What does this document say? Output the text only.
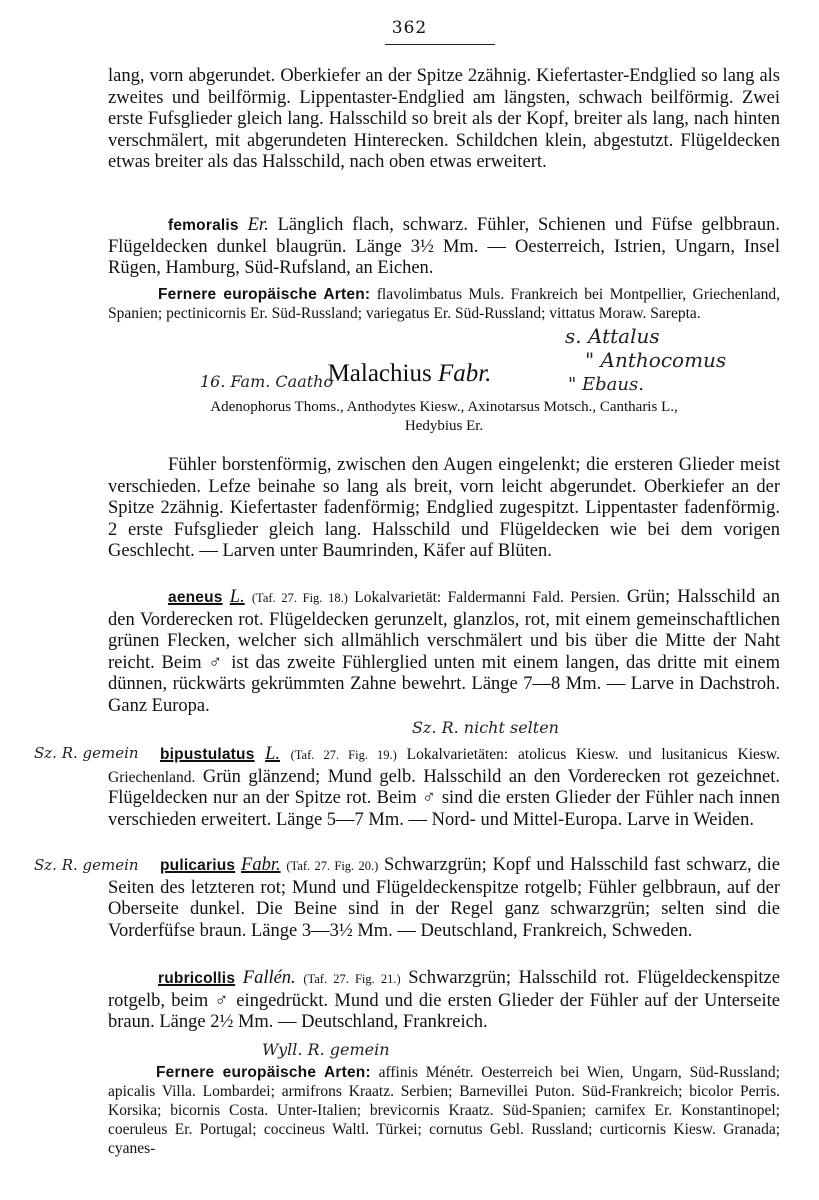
362
lang, vorn abgerundet. Oberkiefer an der Spitze 2zähnig. Kiefertaster-Endglied so lang als zweites und beilförmig. Lippentaster-Endglied am längsten, schwach beilförmig. Zwei erste Fufsglieder gleich lang. Halsschild so breit als der Kopf, breiter als lang, nach hinten verschmälert, mit abgerundeten Hinterecken. Schildchen klein, abgestutzt. Flügeldecken etwas breiter als das Halsschild, nach oben etwas erweitert.
femoralis Er. Länglich flach, schwarz. Fühler, Schienen und Füfse gelbbraun. Flügeldecken dunkel blaugrün. Länge 3½ Mm. — Oesterreich, Istrien, Ungarn, Insel Rügen, Hamburg, Süd-Rufsland, an Eichen.
Fernere europäische Arten: flavolimbatus Muls. Frankreich bei Montpellier, Griechenland, Spanien; pectinicornis Er. Süd-Russland; variegatus Er. Süd-Russland; vittatus Moraw. Sarepta.
16. Fam. Caatho
s. Attalus
" Anthocomus
" Ebaus.
Malachius Fabr.
Adenophorus Thoms., Anthodytes Kiesw., Axinotarsus Motsch., Cantharis L.,
Hedybius Er.
Fühler borstenförmig, zwischen den Augen eingelenkt; die ersteren Glieder meist verschieden. Lefze beinahe so lang als breit, vorn leicht abgerundet. Oberkiefer an der Spitze 2zähnig. Kiefertaster fadenförmig; Endglied zugespitzt. Lippentaster fadenförmig. 2 erste Fufsglieder gleich lang. Halsschild und Flügeldecken wie bei dem vorigen Geschlecht. — Larven unter Baumrinden, Käfer auf Blüten.
aeneus L. (Taf. 27. Fig. 18.) Lokalvarietät: Faldermanni Fald. Persien. Grün; Halsschild an den Vorderecken rot. Flügeldecken gerunzelt, glanzlos, rot, mit einem gemeinschaftlichen grünen Flecken, welcher sich allmählich verschmälert und bis über die Mitte der Naht reicht. Beim ♂ ist das zweite Fühlerglied unten mit einem langen, das dritte mit einem dünnen, rückwärts gekrümmten Zahne bewehrt. Länge 7—8 Mm. — Larve in Dachstroh. Ganz Europa.
Sz. R. nicht selten
bipustulatus L. (Taf. 27. Fig. 19.) Lokalvarietäten: atolicus Kiesw. und lusitanicus Kiesw. Griechenland. Grün glänzend; Mund gelb. Halsschild an den Vorderecken rot gezeichnet. Flügeldecken nur an der Spitze rot. Beim ♂ sind die ersten Glieder der Fühler nach innen verschieden erweitert. Länge 5—7 Mm. — Nord- und Mittel-Europa. Larve in Weiden.
Sz. R. gemein
pulicarius Fabr. (Taf. 27. Fig. 20.) Schwarzgrün; Kopf und Halsschild fast schwarz, die Seiten des letzteren rot; Mund und Flügeldeckenspitze rotgelb; Fühler gelbbraun, auf der Oberseite dunkel. Die Beine sind in der Regel ganz schwarzgrün; selten sind die Vorderfüfse braun. Länge 3—3½ Mm. — Deutschland, Frankreich, Schweden.
Sz. R. gemein
rubricollis Fallén. (Taf. 27. Fig. 21.) Schwarzgrün; Halsschild rot. Flügeldeckenspitze rotgelb, beim ♂ eingedrückt. Mund und die ersten Glieder der Fühler auf der Unterseite braun. Länge 2½ Mm. — Deutschland, Frankreich.
Wyll. R. gemein
Fernere europäische Arten: affinis Ménétr. Oesterreich bei Wien, Ungarn, Süd-Russland; apicalis Villa. Lombardei; armifrons Kraatz. Serbien; Barnevillei Puton. Süd-Frankreich; bicolor Perris. Korsika; bicornis Costa. Unter-Italien; brevicornis Kraatz. Süd-Spanien; carnifex Er. Konstantinopel; coeruleus Er. Portugal; coccineus Waltl. Türkei; cornutus Gebl. Russland; curticornis Kiesw. Granada; cyanes-
